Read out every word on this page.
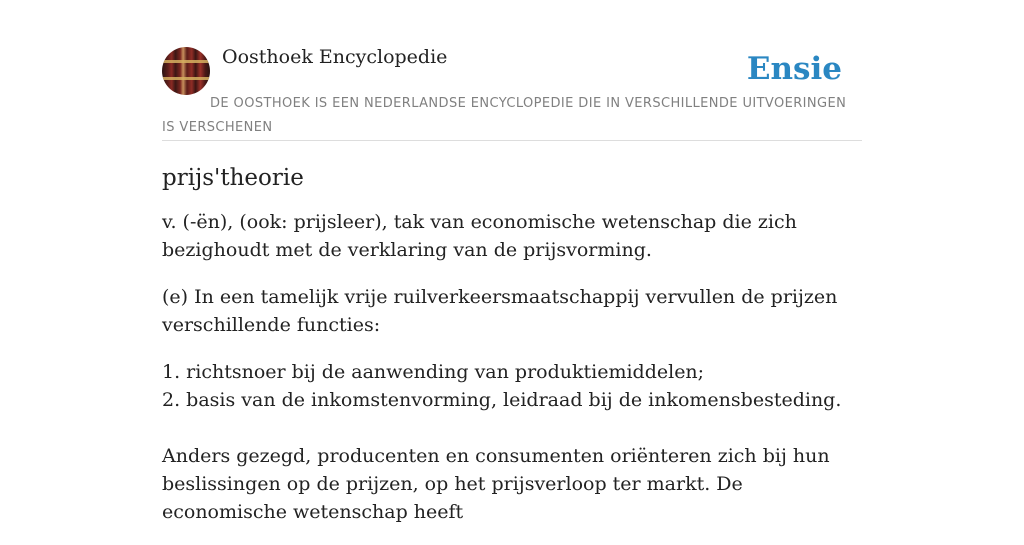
Oosthoek Encyclopedie	Ensie
DE OOSTHOEK IS EEN NEDERLANDSE ENCYCLOPEDIE DIE IN VERSCHILLENDE UITVOERINGEN IS VERSCHENEN
prijs'theorie

v. (-ën), (ook: prijsleer), tak van economische wetenschap die zich bezighoudt met de verklaring van de prijsvorming.

(e) In een tamelijk vrije ruilverkeersmaatschappij vervullen de prijzen verschillende functies:

1. richtsnoer bij de aanwending van produktiemiddelen;

2. basis van de inkomstenvorming, leidraad bij de inkomensbesteding.

Anders gezegd, producenten en consumenten oriënteren zich bij hun beslissingen op de prijzen, op het prijsverloop ter markt. De economische wetenschap heeft
